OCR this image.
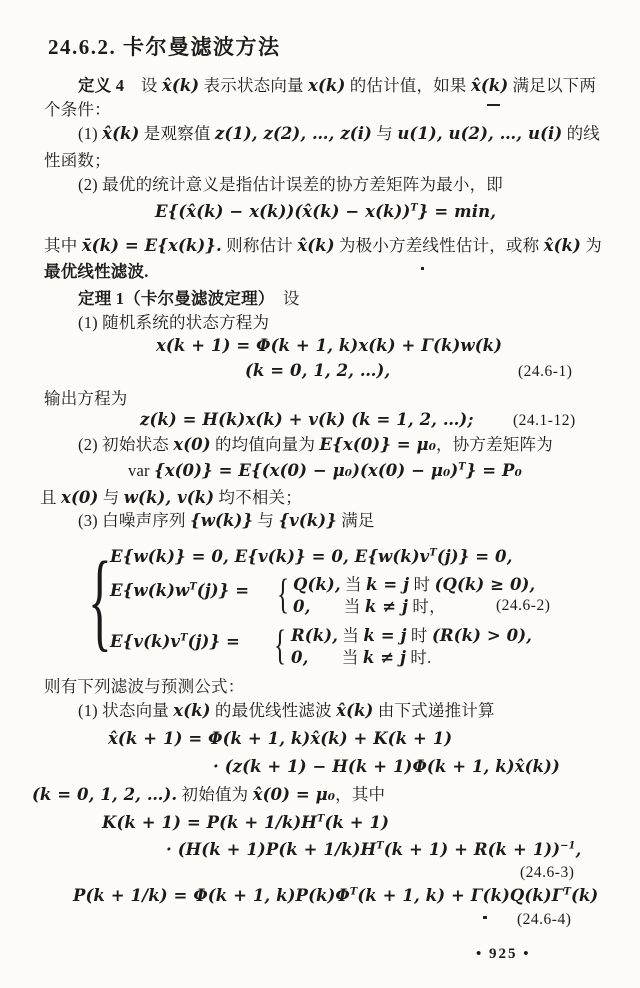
24.6.2. 卡尔曼滤波方法
定义 4　设 x̂(k) 表示状态向量 x(k) 的估计值，如果 x̂(k) 满足以下两
个条件：
(1) x̂(k) 是观察值 z(1), z(2), …, z(i) 与 u(1), u(2), …, u(i) 的线
性函数；
(2) 最优的统计意义是指估计误差的协方差矩阵为最小，即
E{(x̂(k) − x(k))(x̂(k) − x(k))$^T$} = min,
其中 x̄(k) = E{x(k)}. 则称估计 x̂(k) 为极小方差线性估计，或称 x̂(k) 为
最优线性滤波.
定理 1（卡尔曼滤波定理）　设
(1) 随机系统的状态方程为
x(k + 1) = Φ(k + 1, k)x(k) + Γ(k)w(k)
(k = 0, 1, 2, …),	(24.6-1)
输出方程为
z(k) = H(k)x(k) + v(k) (k = 1, 2, …);	(24.1-12)
(2) 初始状态 x(0) 的均值向量为 E{x(0)} = μ₀，协方差矩阵为
var $\{x(0)\} = E\{(x(0) - \mu_0)(x(0) - \mu_0)^T\} = P_0$
且 x(0) 与 w(k), v(k) 均不相关；
(3) 白噪声序列 {w(k)} 与 {v(k)} 满足
{
E{w(k)} = 0, E{v(k)} = 0, $E\{w(k)v^T(j)\} = 0$,
$E\{w(k)w^T(j)\}$ = { Q(k), 当 k = j 时 (Q(k) ≥ 0),
0,　　当 k ≠ j 时，	(24.6-2)
$E\{v(k)v^T(j)\}$ = { R(k), 当 k = j 时 (R(k) > 0),
0,　　当 k ≠ j 时.
则有下列滤波与预测公式：
(1) 状态向量 x(k) 的最优线性滤波 x̂(k) 由下式递推计算
x̂(k + 1) = Φ(k + 1, k)x̂(k) + K(k + 1)
· (z(k + 1) − H(k + 1)Φ(k + 1, k)x̂(k))
(k = 0, 1, 2, …). 初始值为 x̂(0) = μ₀，其中
$K(k + 1) = P(k + 1/k)H^T(k + 1)$
· $(H(k + 1)P(k + 1/k)H^T(k + 1) + R(k + 1))^{-1}$,
(24.6-3)
P(k + 1/k) = Φ(k + 1, $k)P(k)\Phi^T(k + 1$, $k) + \Gamma(k)Q(k)\Gamma^T(k)$
(24.6-4)
• 925 •
